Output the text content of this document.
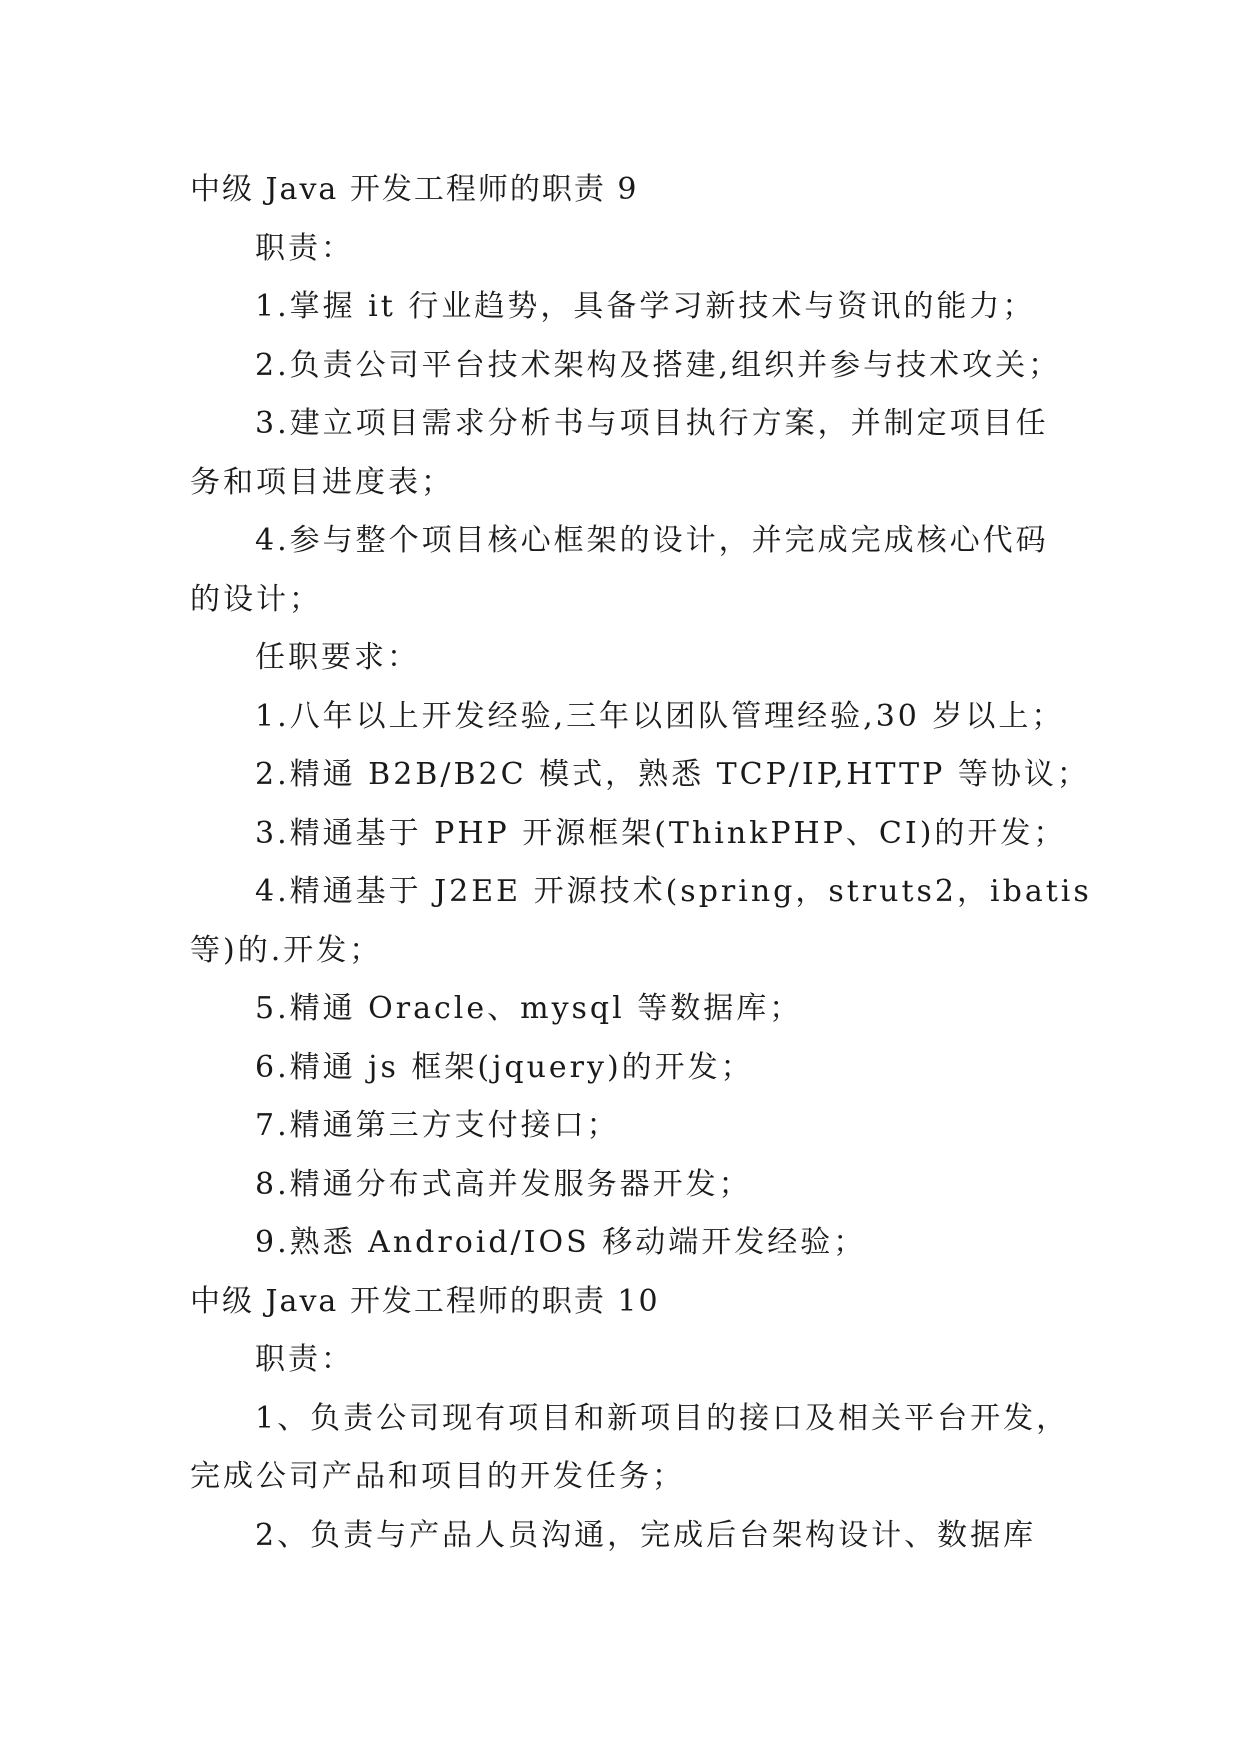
中级 Java 开发工程师的职责 9
职责：
1.掌握 it 行业趋势，具备学习新技术与资讯的能力；
2.负责公司平台技术架构及搭建,组织并参与技术攻关；
3.建立项目需求分析书与项目执行方案，并制定项目任
务和项目进度表；
4.参与整个项目核心框架的设计，并完成完成核心代码
的设计；
任职要求：
1.八年以上开发经验,三年以团队管理经验,30 岁以上；
2.精通 B2B/B2C 模式，熟悉 TCP/IP,HTTP 等协议；
3.精通基于 PHP 开源框架(ThinkPHP、CI)的开发；
4.精通基于 J2EE 开源技术(spring，struts2，ibatis
等)的.开发；
5.精通 Oracle、mysql 等数据库；
6.精通 js 框架(jquery)的开发；
7.精通第三方支付接口；
8.精通分布式高并发服务器开发；
9.熟悉 Android/IOS 移动端开发经验；
中级 Java 开发工程师的职责 10
职责：
1、负责公司现有项目和新项目的接口及相关平台开发，
完成公司产品和项目的开发任务；
2、负责与产品人员沟通，完成后台架构设计、数据库
